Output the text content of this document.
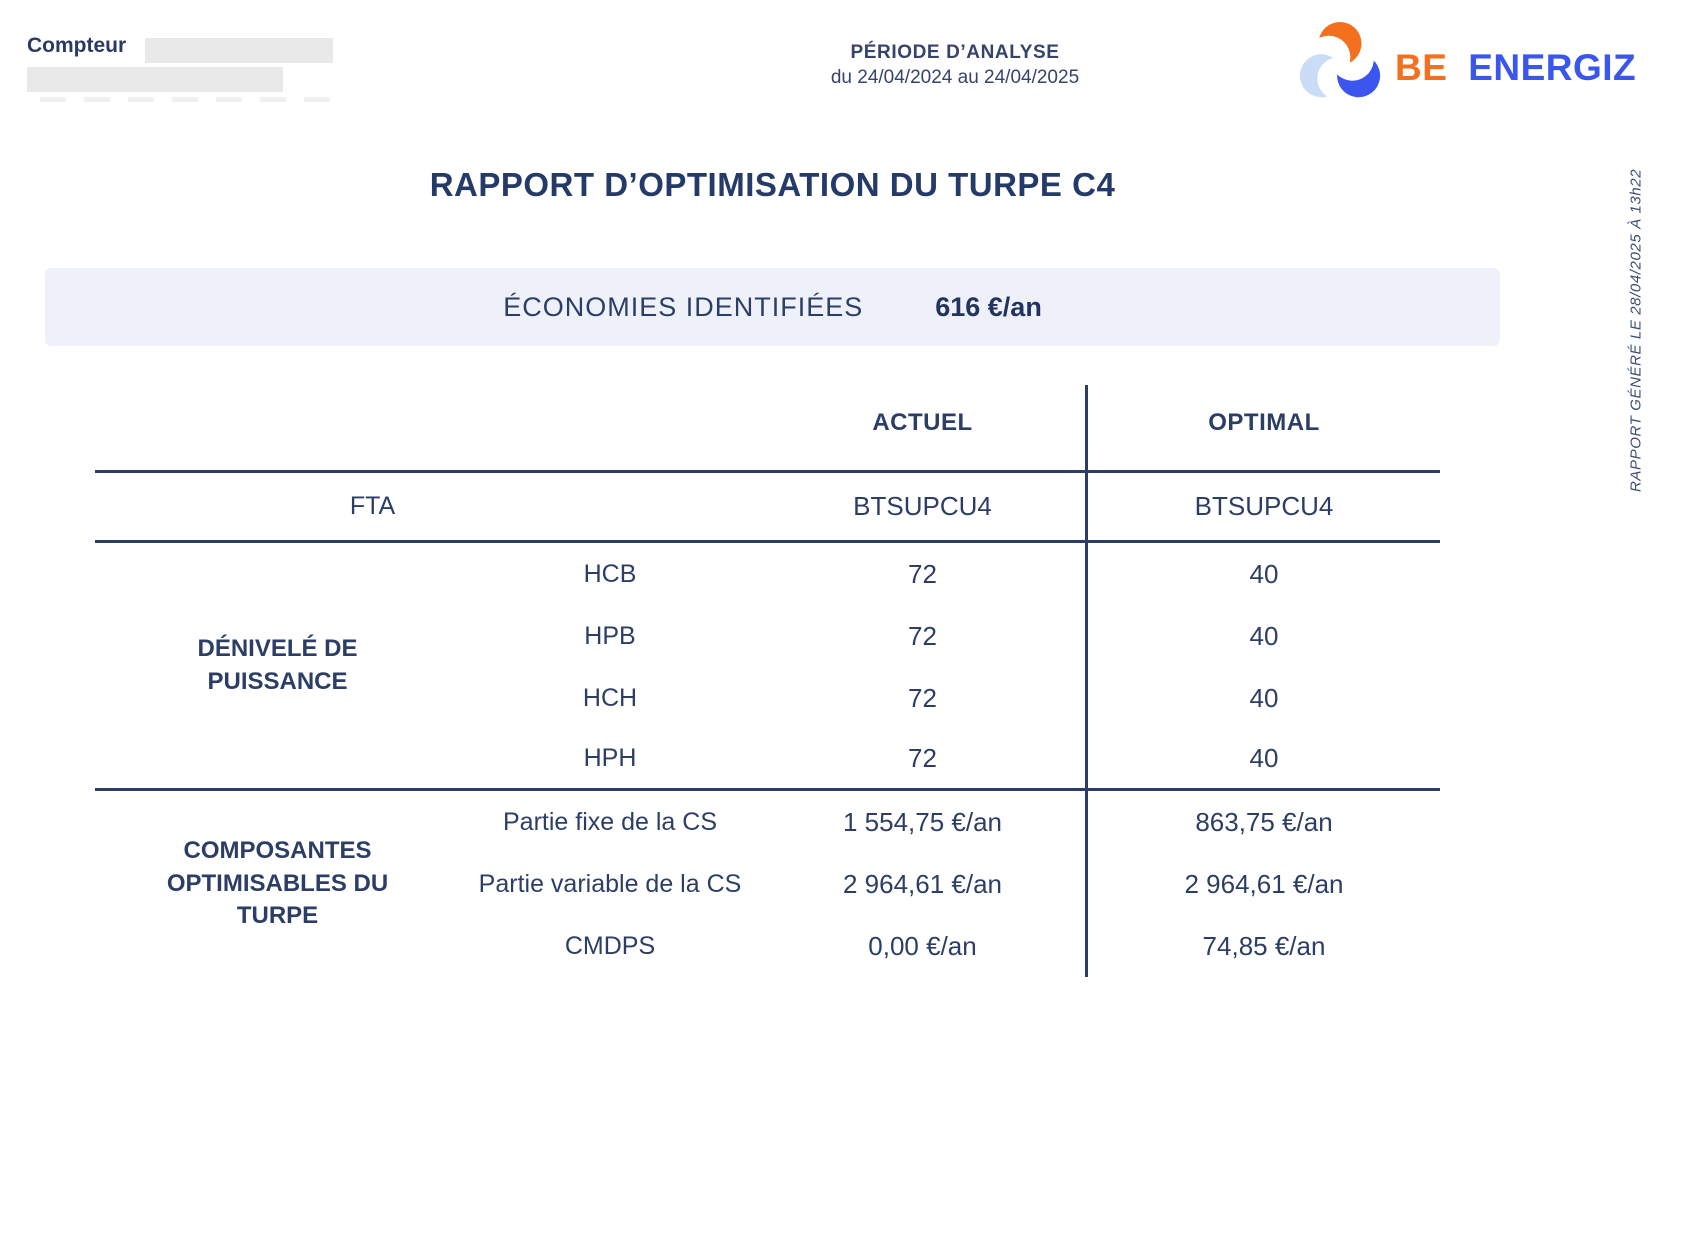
Compteur	PÉRIODE D’ANALYSE
du 24/04/2024 au 24/04/2025	BE ENERGIZ
RAPPORT GÉNÉRÉ LE 28/04/2025 À 13h22
RAPPORT D’OPTIMISATION DU TURPE C4
ÉCONOMIES IDENTIFIÉES	616 €/an
ACTUEL	OPTIMAL
FTA	BTSUPCU4	BTSUPCU4
DÉNIVELÉ DE PUISSANCE
HCB	72	40
HPB	72	40
HCH	72	40
HPH	72	40
COMPOSANTES OPTIMISABLES DU TURPE
Partie fixe de la CS	1 554,75 €/an	863,75 €/an
Partie variable de la CS	2 964,61 €/an	2 964,61 €/an
CMDPS	0,00 €/an	74,85 €/an
